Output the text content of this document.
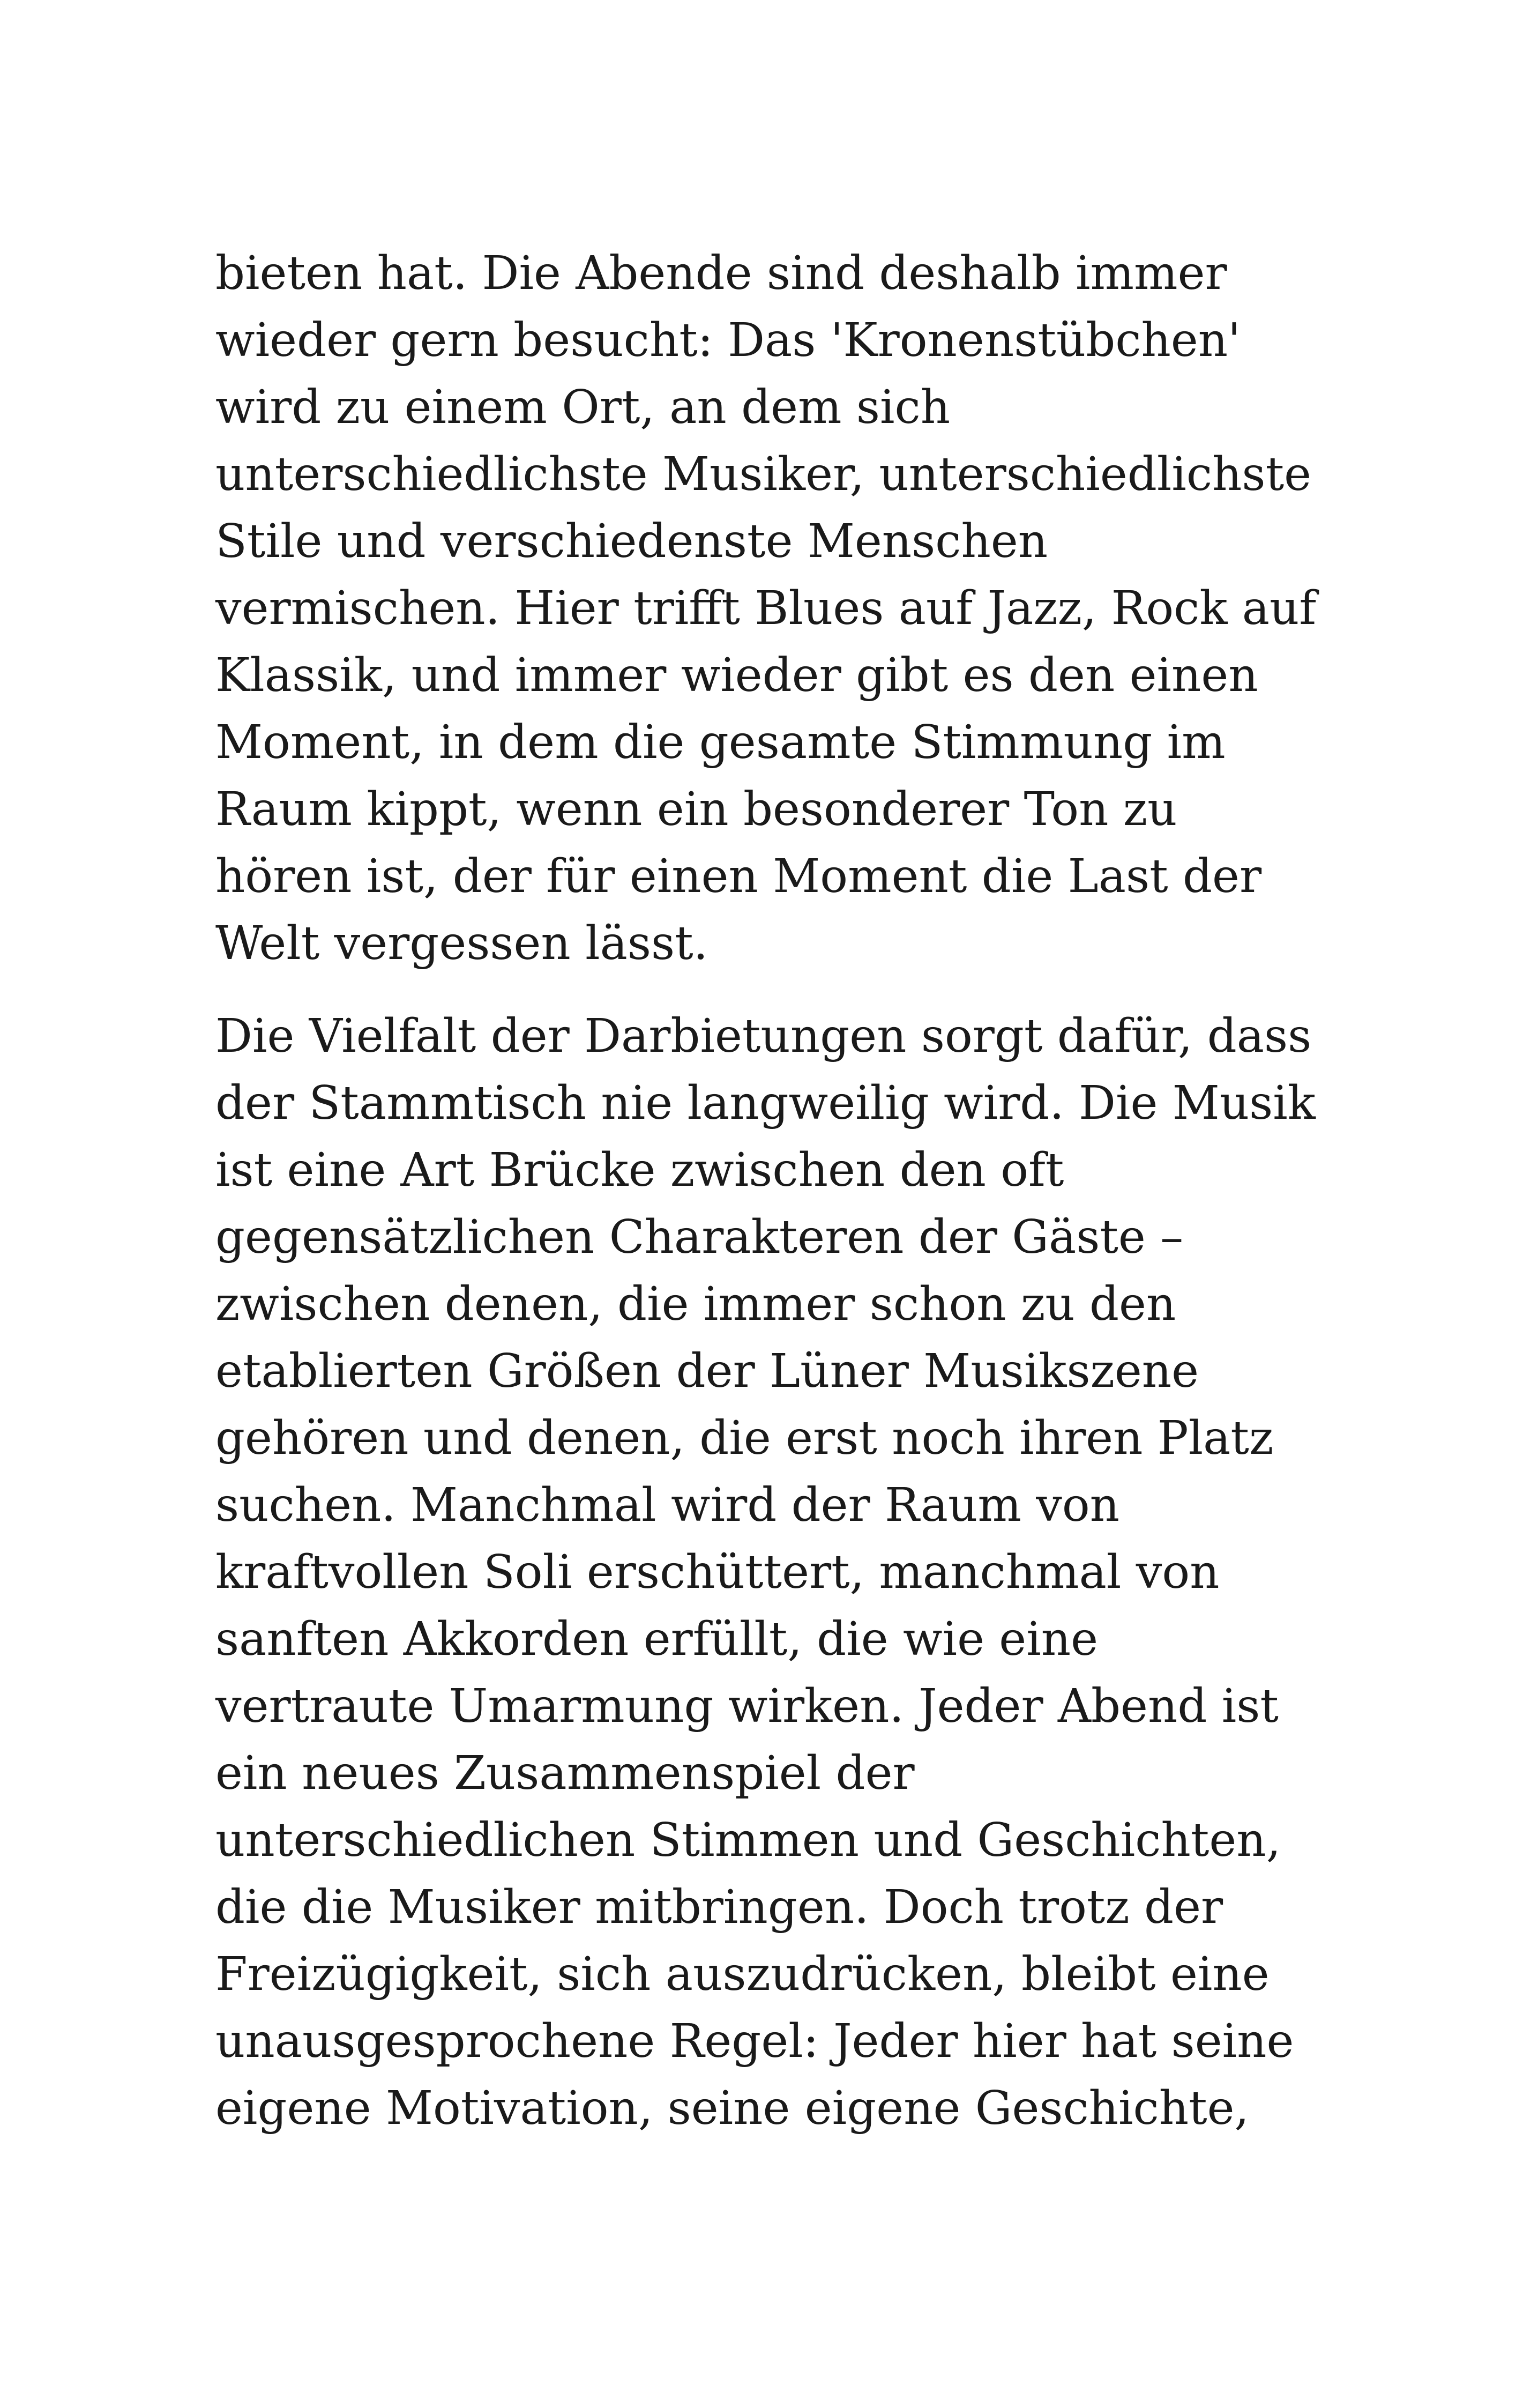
bieten hat. Die Abende sind deshalb immer
wieder gern besucht: Das 'Kronenstübchen'
wird zu einem Ort, an dem sich
unterschiedlichste Musiker, unterschiedlichste
Stile und verschiedenste Menschen
vermischen. Hier trifft Blues auf Jazz, Rock auf
Klassik, und immer wieder gibt es den einen
Moment, in dem die gesamte Stimmung im
Raum kippt, wenn ein besonderer Ton zu
hören ist, der für einen Moment die Last der
Welt vergessen lässt.

Die Vielfalt der Darbietungen sorgt dafür, dass
der Stammtisch nie langweilig wird. Die Musik
ist eine Art Brücke zwischen den oft
gegensätzlichen Charakteren der Gäste –
zwischen denen, die immer schon zu den
etablierten Größen der Lüner Musikszene
gehören und denen, die erst noch ihren Platz
suchen. Manchmal wird der Raum von
kraftvollen Soli erschüttert, manchmal von
sanften Akkorden erfüllt, die wie eine
vertraute Umarmung wirken. Jeder Abend ist
ein neues Zusammenspiel der
unterschiedlichen Stimmen und Geschichten,
die die Musiker mitbringen. Doch trotz der
Freizügigkeit, sich auszudrücken, bleibt eine
unausgesprochene Regel: Jeder hier hat seine
eigene Motivation, seine eigene Geschichte,
